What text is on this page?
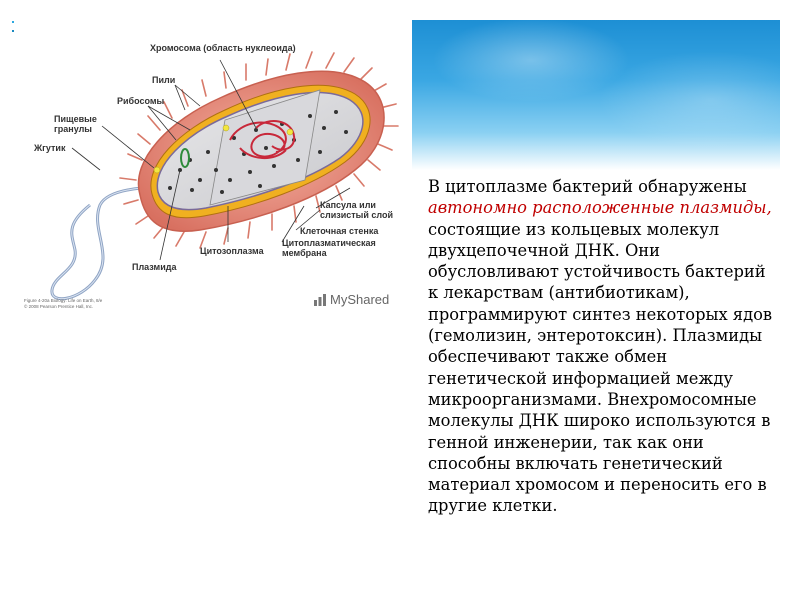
Хромосома (область нуклеоида)
Пили
Рибосомы
Пищевые гранулы
Жгутик
Капсула или слизистый слой
Клеточная стенка
Цитоплазматическая мембрана
Цитозоплазма
Плазмида
Figure 4-20a Biology: Life on Earth, 8/e
© 2008 Pearson Prentice Hall, Inc.	MyShared
В цитоплазме бактерий обнаружены автономно расположенные плазмиды, состоящие из кольцевых молекул двухцепочечной ДНК. Они обусловливают устойчивость бактерий к лекарствам (антибиотикам), программируют синтез некоторых ядов (гемолизин, энтеротоксин). Плазмиды обеспечивают также обмен генетической информацией между микроорганизмами. Внехромосомные молекулы ДНК широко используются в генной инженерии, так как они способны включать генетический материал хромосом и переносить его в другие клетки.
